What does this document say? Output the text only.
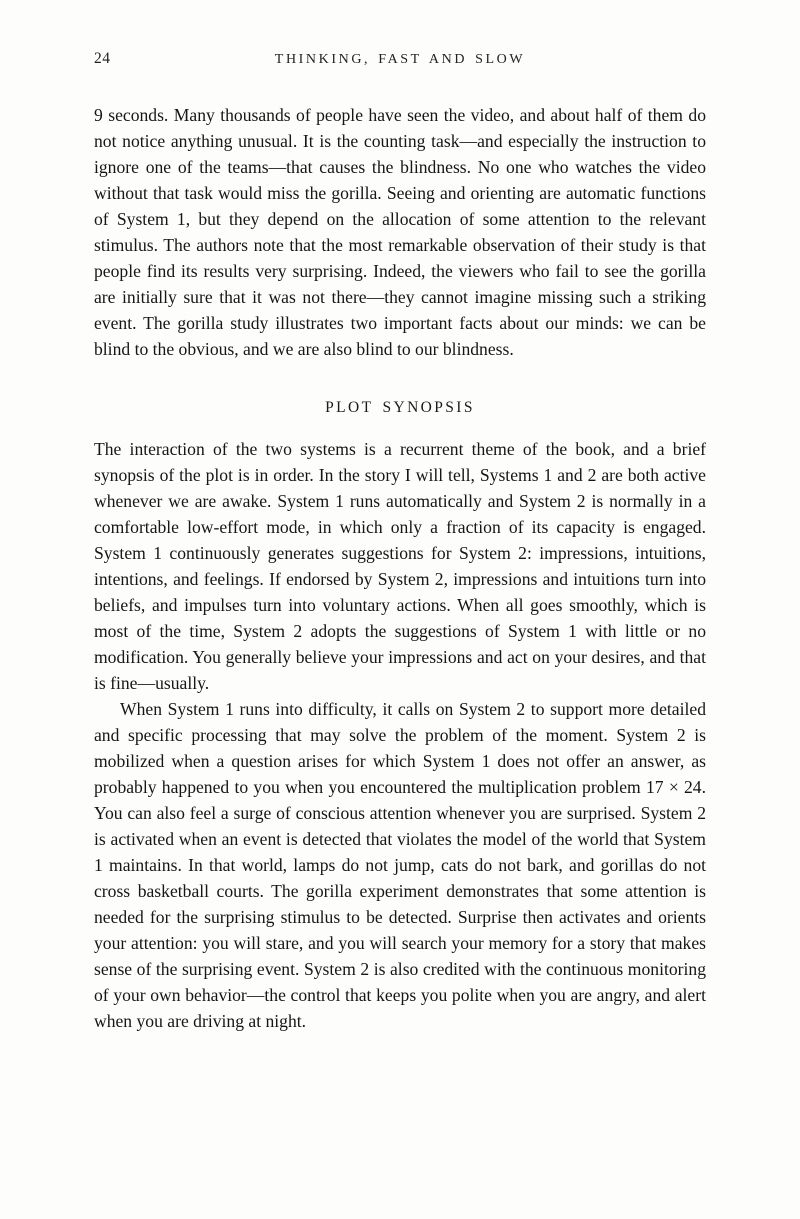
24	THINKING, FAST AND SLOW

9 seconds. Many thousands of people have seen the video, and about half of them do not notice anything unusual. It is the counting task—and especially the instruction to ignore one of the teams—that causes the blindness. No one who watches the video without that task would miss the gorilla. Seeing and orienting are automatic functions of System 1, but they depend on the allocation of some attention to the relevant stimulus. The authors note that the most remarkable observation of their study is that people find its results very surprising. Indeed, the viewers who fail to see the gorilla are initially sure that it was not there—they cannot imagine missing such a striking event. The gorilla study illustrates two important facts about our minds: we can be blind to the obvious, and we are also blind to our blindness.

PLOT SYNOPSIS

The interaction of the two systems is a recurrent theme of the book, and a brief synopsis of the plot is in order. In the story I will tell, Systems 1 and 2 are both active whenever we are awake. System 1 runs automatically and System 2 is normally in a comfortable low-effort mode, in which only a fraction of its capacity is engaged. System 1 continuously generates suggestions for System 2: impressions, intuitions, intentions, and feelings. If endorsed by System 2, impressions and intuitions turn into beliefs, and impulses turn into voluntary actions. When all goes smoothly, which is most of the time, System 2 adopts the suggestions of System 1 with little or no modification. You generally believe your impressions and act on your desires, and that is fine—usually.

When System 1 runs into difficulty, it calls on System 2 to support more detailed and specific processing that may solve the problem of the moment. System 2 is mobilized when a question arises for which System 1 does not offer an answer, as probably happened to you when you encountered the multiplication problem 17 × 24. You can also feel a surge of conscious attention whenever you are surprised. System 2 is activated when an event is detected that violates the model of the world that System 1 maintains. In that world, lamps do not jump, cats do not bark, and gorillas do not cross basketball courts. The gorilla experiment demonstrates that some attention is needed for the surprising stimulus to be detected. Surprise then activates and orients your attention: you will stare, and you will search your memory for a story that makes sense of the surprising event. System 2 is also credited with the continuous monitoring of your own behavior—the control that keeps you polite when you are angry, and alert when you are driving at night.
